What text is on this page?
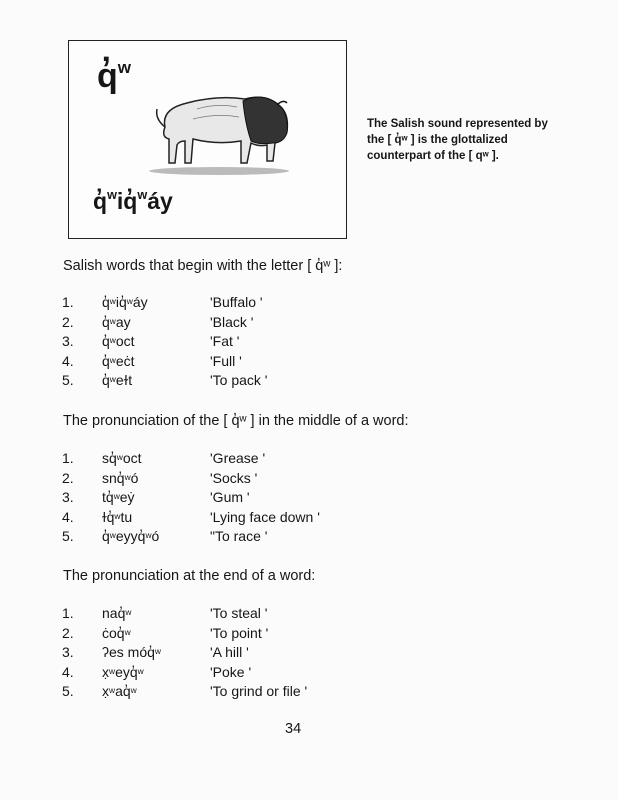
q̓$^w$
q̓$^w$iq̓$^w$áy
The Salish sound represented by the [ q̓ʷ ] is the glottalized counterpart of the [ qʷ ].
Salish words that begin with the letter [ q̓ʷ ]:
1.	q̓$^w$iq̓$^w$áy	'Buffalo '
2.	q̓$^w$ay	'Black '
3.	q̓$^w$oct	'Fat '
4.	q̓$^w$eċt	'Full '
5.	q̓$^w$eɫt	'To pack '
The pronunciation of the [ q̓ʷ ] in the middle of a word:
1.	sq̓$^w$oct	'Grease '
2.	snq̓$^w$ó	'Socks '
3.	tq̓$^w$eẏ	'Gum '
4.	ɫq̓$^w$tu	'Lying face down '
5.	q̓$^w$eyyq̓$^w$ó	"To race '
The pronunciation at the end of a word:
1.	naq̓$^w$	'To steal '
2.	ċoq̓$^w$	'To point '
3.	ʔes móq̓$^w$	'A hill '
4.	x̣$^w$eyq̓$^w$	'Poke '
5.	x̣$^w$aq̓$^w$	'To grind or file '
34
